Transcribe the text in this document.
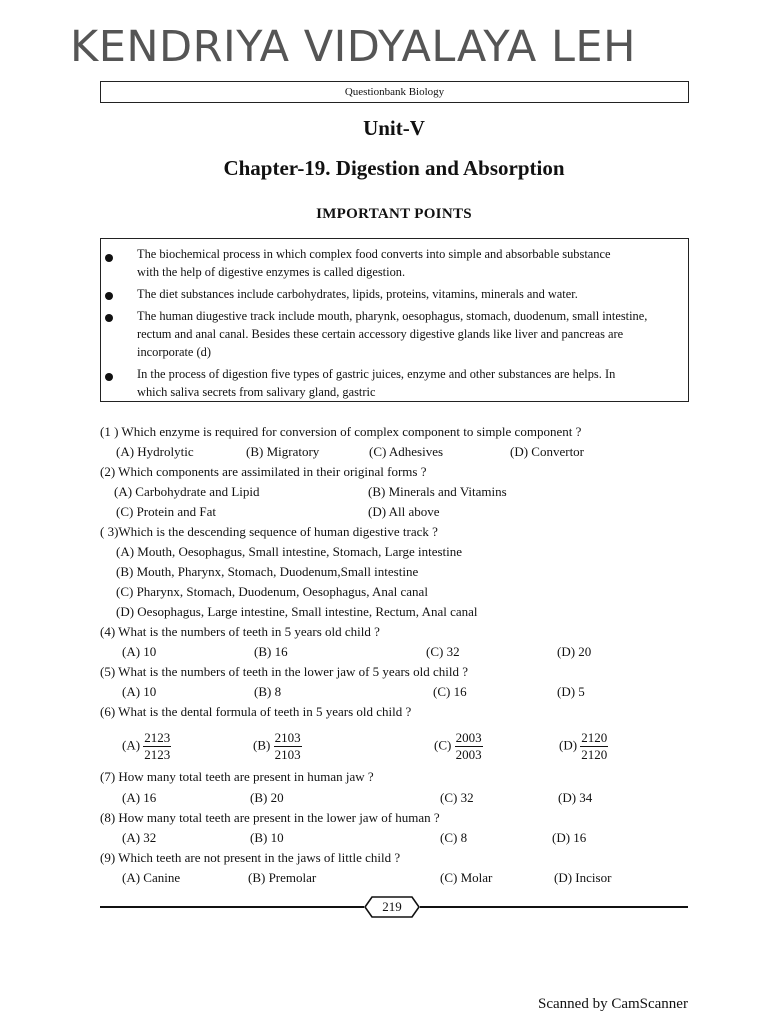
KENDRIYA VIDYALAYA LEH
Questionbank Biology
Unit-V
Chapter-19. Digestion and Absorption
IMPORTANT POINTS
The biochemical process in which complex food converts into simple and absorbable substance
with the help of digestive enzymes is called digestion.
The diet substances include carbohydrates, lipids, proteins, vitamins, minerals and water.
The human diugestive track include mouth, pharynk, oesophagus, stomach, duodenum, small intestine,
rectum and anal canal. Besides these certain accessory digestive glands like liver and pancreas are
incorporate (d)
In the process of digestion five types of gastric juices, enzyme and other substances are helps. In
which saliva secrets from salivary gland, gastric
(1 ) Which enzyme is required for conversion of complex component to simple component ?
(A) Hydrolytic	(B) Migratory	(C) Adhesives	(D) Convertor
(2) Which components are assimilated in their original forms ?
(A) Carbohydrate and Lipid	(B) Minerals and Vitamins
(C) Protein and Fat	(D) All above
( 3)Which is the descending sequence of human digestive track ?
(A) Mouth, Oesophagus, Small intestine, Stomach, Large intestine
(B) Mouth, Pharynx, Stomach, Duodenum,Small intestine
(C) Pharynx, Stomach, Duodenum, Oesophagus, Anal canal
(D) Oesophagus, Large intestine, Small intestine, Rectum, Anal canal
(4) What is the numbers of teeth in 5 years old child ?
(A) 10	(B) 16	(C) 32	(D) 20
(5) What is the numbers of teeth in the lower jaw of 5 years old child ?
(A) 10	(B) 8	(C) 16	(D) 5
(6) What is the dental formula of teeth in 5 years old child ?
$(A) \frac{2123}{2123}$	$(B) \frac{2103}{2103}$	$(C) \frac{2003}{2003}$	$(D) \frac{2120}{2120}$
(7) How many total teeth are present in human jaw ?
(A) 16	(B) 20	(C) 32	(D) 34
(8) How many total teeth are present in the lower jaw of human ?
(A) 32	(B) 10	(C) 8	(D) 16
(9) Which teeth are not present in the jaws of little child ?
(A) Canine	(B) Premolar	(C) Molar	(D) Incisor
219
Scanned by CamScanner
